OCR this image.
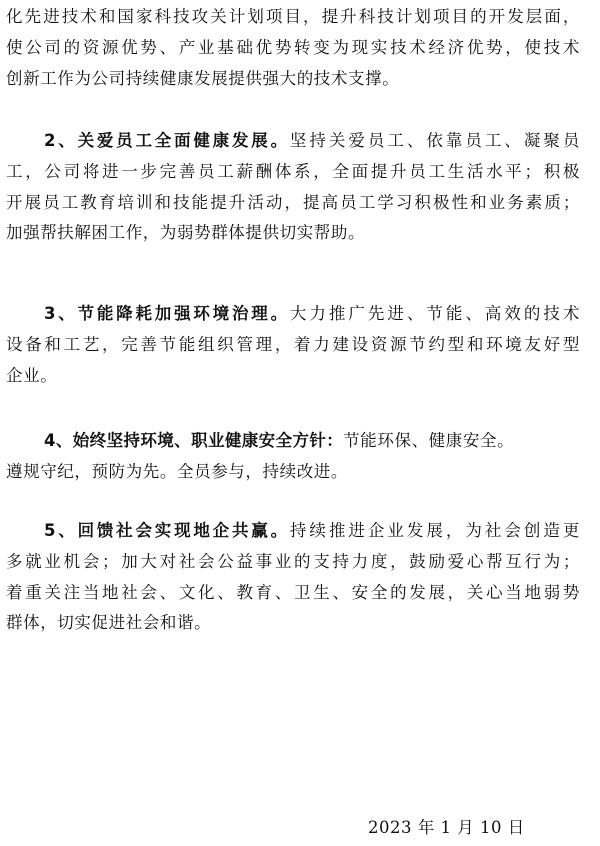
化先进技术和国家科技攻关计划项目，提升科技计划项目的开发层面，
使公司的资源优势、产业基础优势转变为现实技术经济优势，使技术
创新工作为公司持续健康发展提供强大的技术支撑。
2、关爱员工全面健康发展。坚持关爱员工、依靠员工、凝聚员
工，公司将进一步完善员工薪酬体系，全面提升员工生活水平；积极
开展员工教育培训和技能提升活动，提高员工学习积极性和业务素质；
加强帮扶解困工作，为弱势群体提供切实帮助。
3、节能降耗加强环境治理。大力推广先进、节能、高效的技术
设备和工艺，完善节能组织管理，着力建设资源节约型和环境友好型
企业。
4、始终坚持环境、职业健康安全方针：节能环保、健康安全。
遵规守纪，预防为先。全员参与，持续改进。
5、回馈社会实现地企共赢。持续推进企业发展，为社会创造更
多就业机会；加大对社会公益事业的支持力度，鼓励爱心帮互行为；
着重关注当地社会、文化、教育、卫生、安全的发展，关心当地弱势
群体，切实促进社会和谐。
2023 年 1 月 10 日
